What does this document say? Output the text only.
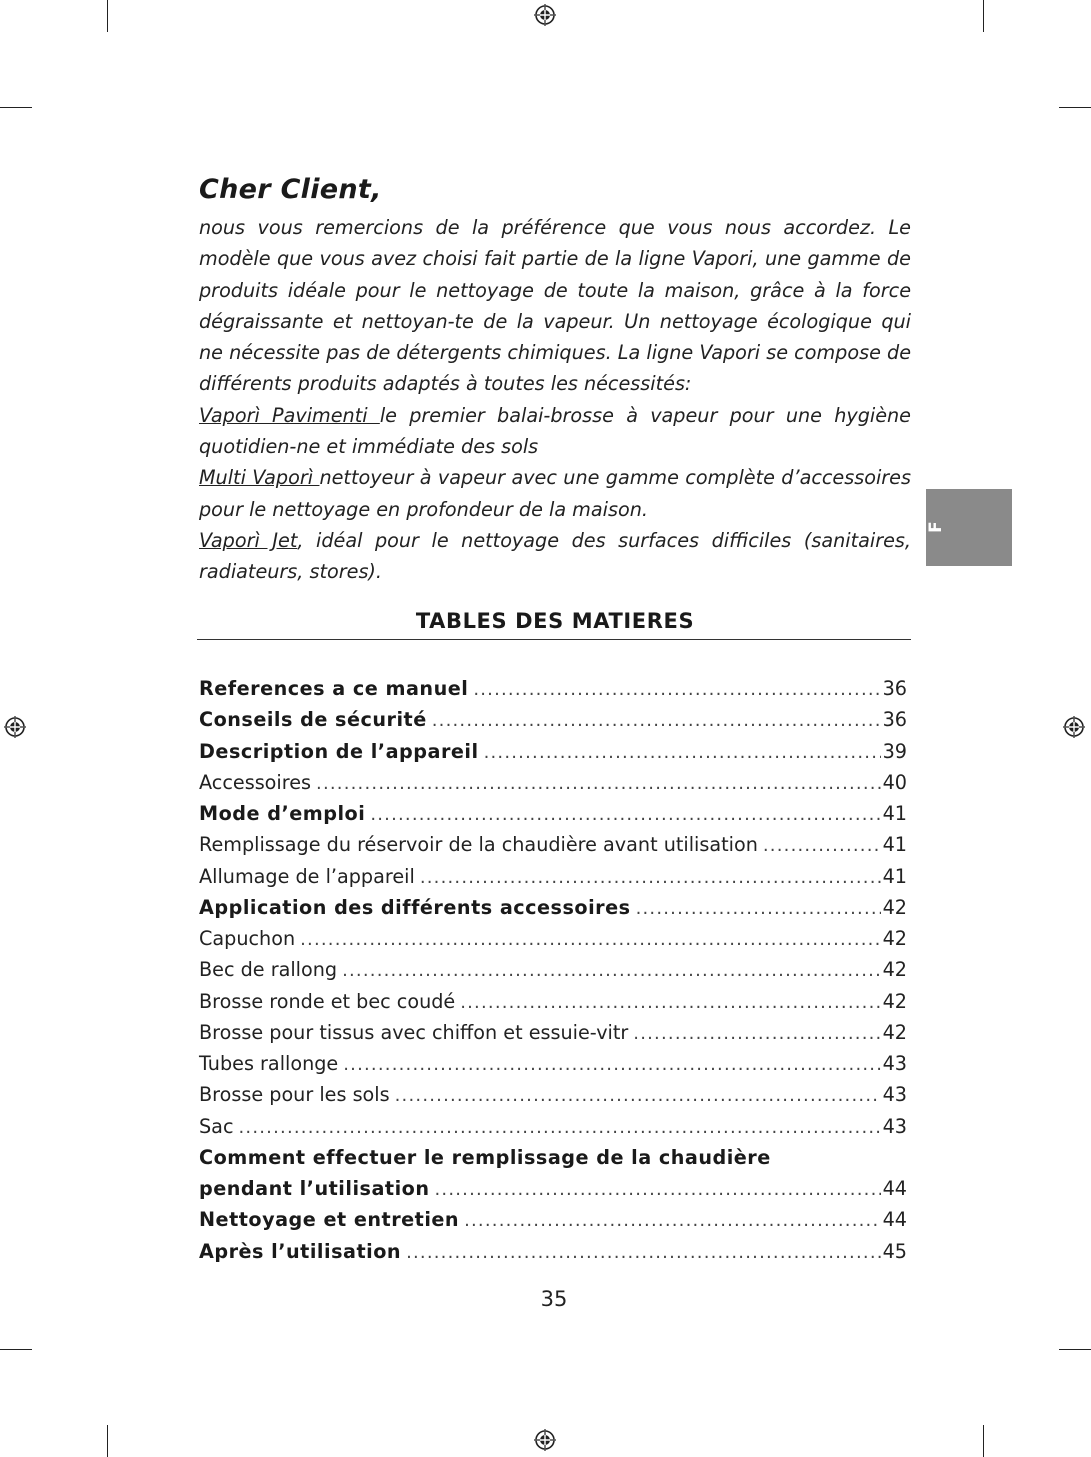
Cher Client,

nous vous remercions de la préférence que vous nous accordez. Le modèle que vous avez choisi fait partie de la ligne Vapori, une gamme de produits idéale pour le nettoyage de toute la maison, grâce à la force dégraissante et nettoyan-te de la vapeur. Un nettoyage écologique qui ne nécessite pas de détergents chimiques. La ligne Vapori se compose de différents produits adaptés à toutes les nécessités:

Vaporì Pavimenti le premier balai-brosse à vapeur pour une hygiène quotidien-ne et immédiate des sols

Multi Vaporì nettoyeur à vapeur avec une gamme complète d’accessoires pour le nettoyage en profondeur de la maison.

Vaporì Jet, idéal pour le nettoyage des surfaces difficiles (sanitaires, radiateurs, stores).

F
TABLES DES MATIERES
References a ce manuel .....	36
Conseils de sécurité .....	36
Description de l’appareil .....	39
Accessoires .....	40
Mode d’emploi .....	41
Remplissage du réservoir de la chaudière avant utilisation .....	41
Allumage de l’appareil .....	41
Application des différents accessoires .....	42
Capuchon .....	42
Bec de rallong .....	42
Brosse ronde et bec coudé .....	42
Brosse pour tissus avec chiffon et essuie-vitr .....	42
Tubes rallonge .....	43
Brosse pour les sols .....	43
Sac .....	43
Comment effectuer le remplissage de la chaudière
pendant l’utilisation .....	44
Nettoyage et entretien .....	44
Après l’utilisation .....	45

35
